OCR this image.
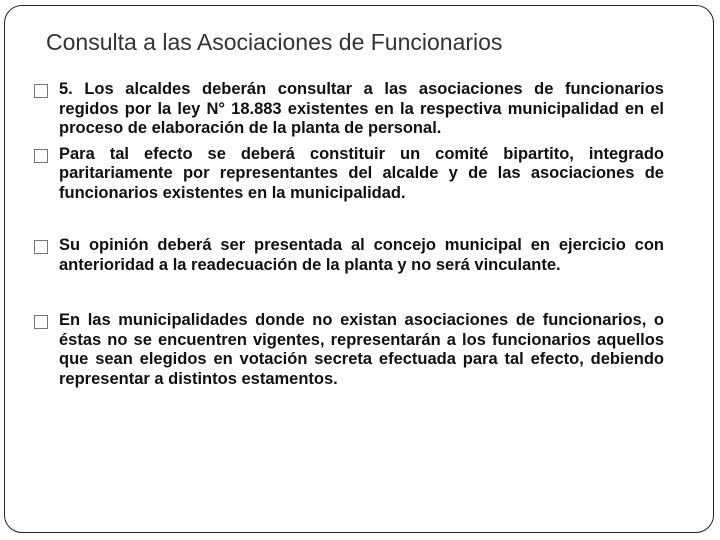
Consulta a las Asociaciones de Funcionarios
5. Los alcaldes deberán consultar a las asociaciones de funcionarios regidos por la ley N° 18.883 existentes en la respectiva municipalidad en el proceso de elaboración de la planta de personal.
Para tal efecto se deberá constituir un comité bipartito, integrado paritariamente por representantes del alcalde y de las asociaciones de funcionarios existentes en la municipalidad.
Su opinión deberá ser presentada al concejo municipal en ejercicio con anterioridad a la readecuación de la planta y no será vinculante.
En las municipalidades donde no existan asociaciones de funcionarios, o éstas no se encuentren vigentes, representarán a los funcionarios aquellos que sean elegidos en votación secreta efectuada para tal efecto, debiendo representar a distintos estamentos.
